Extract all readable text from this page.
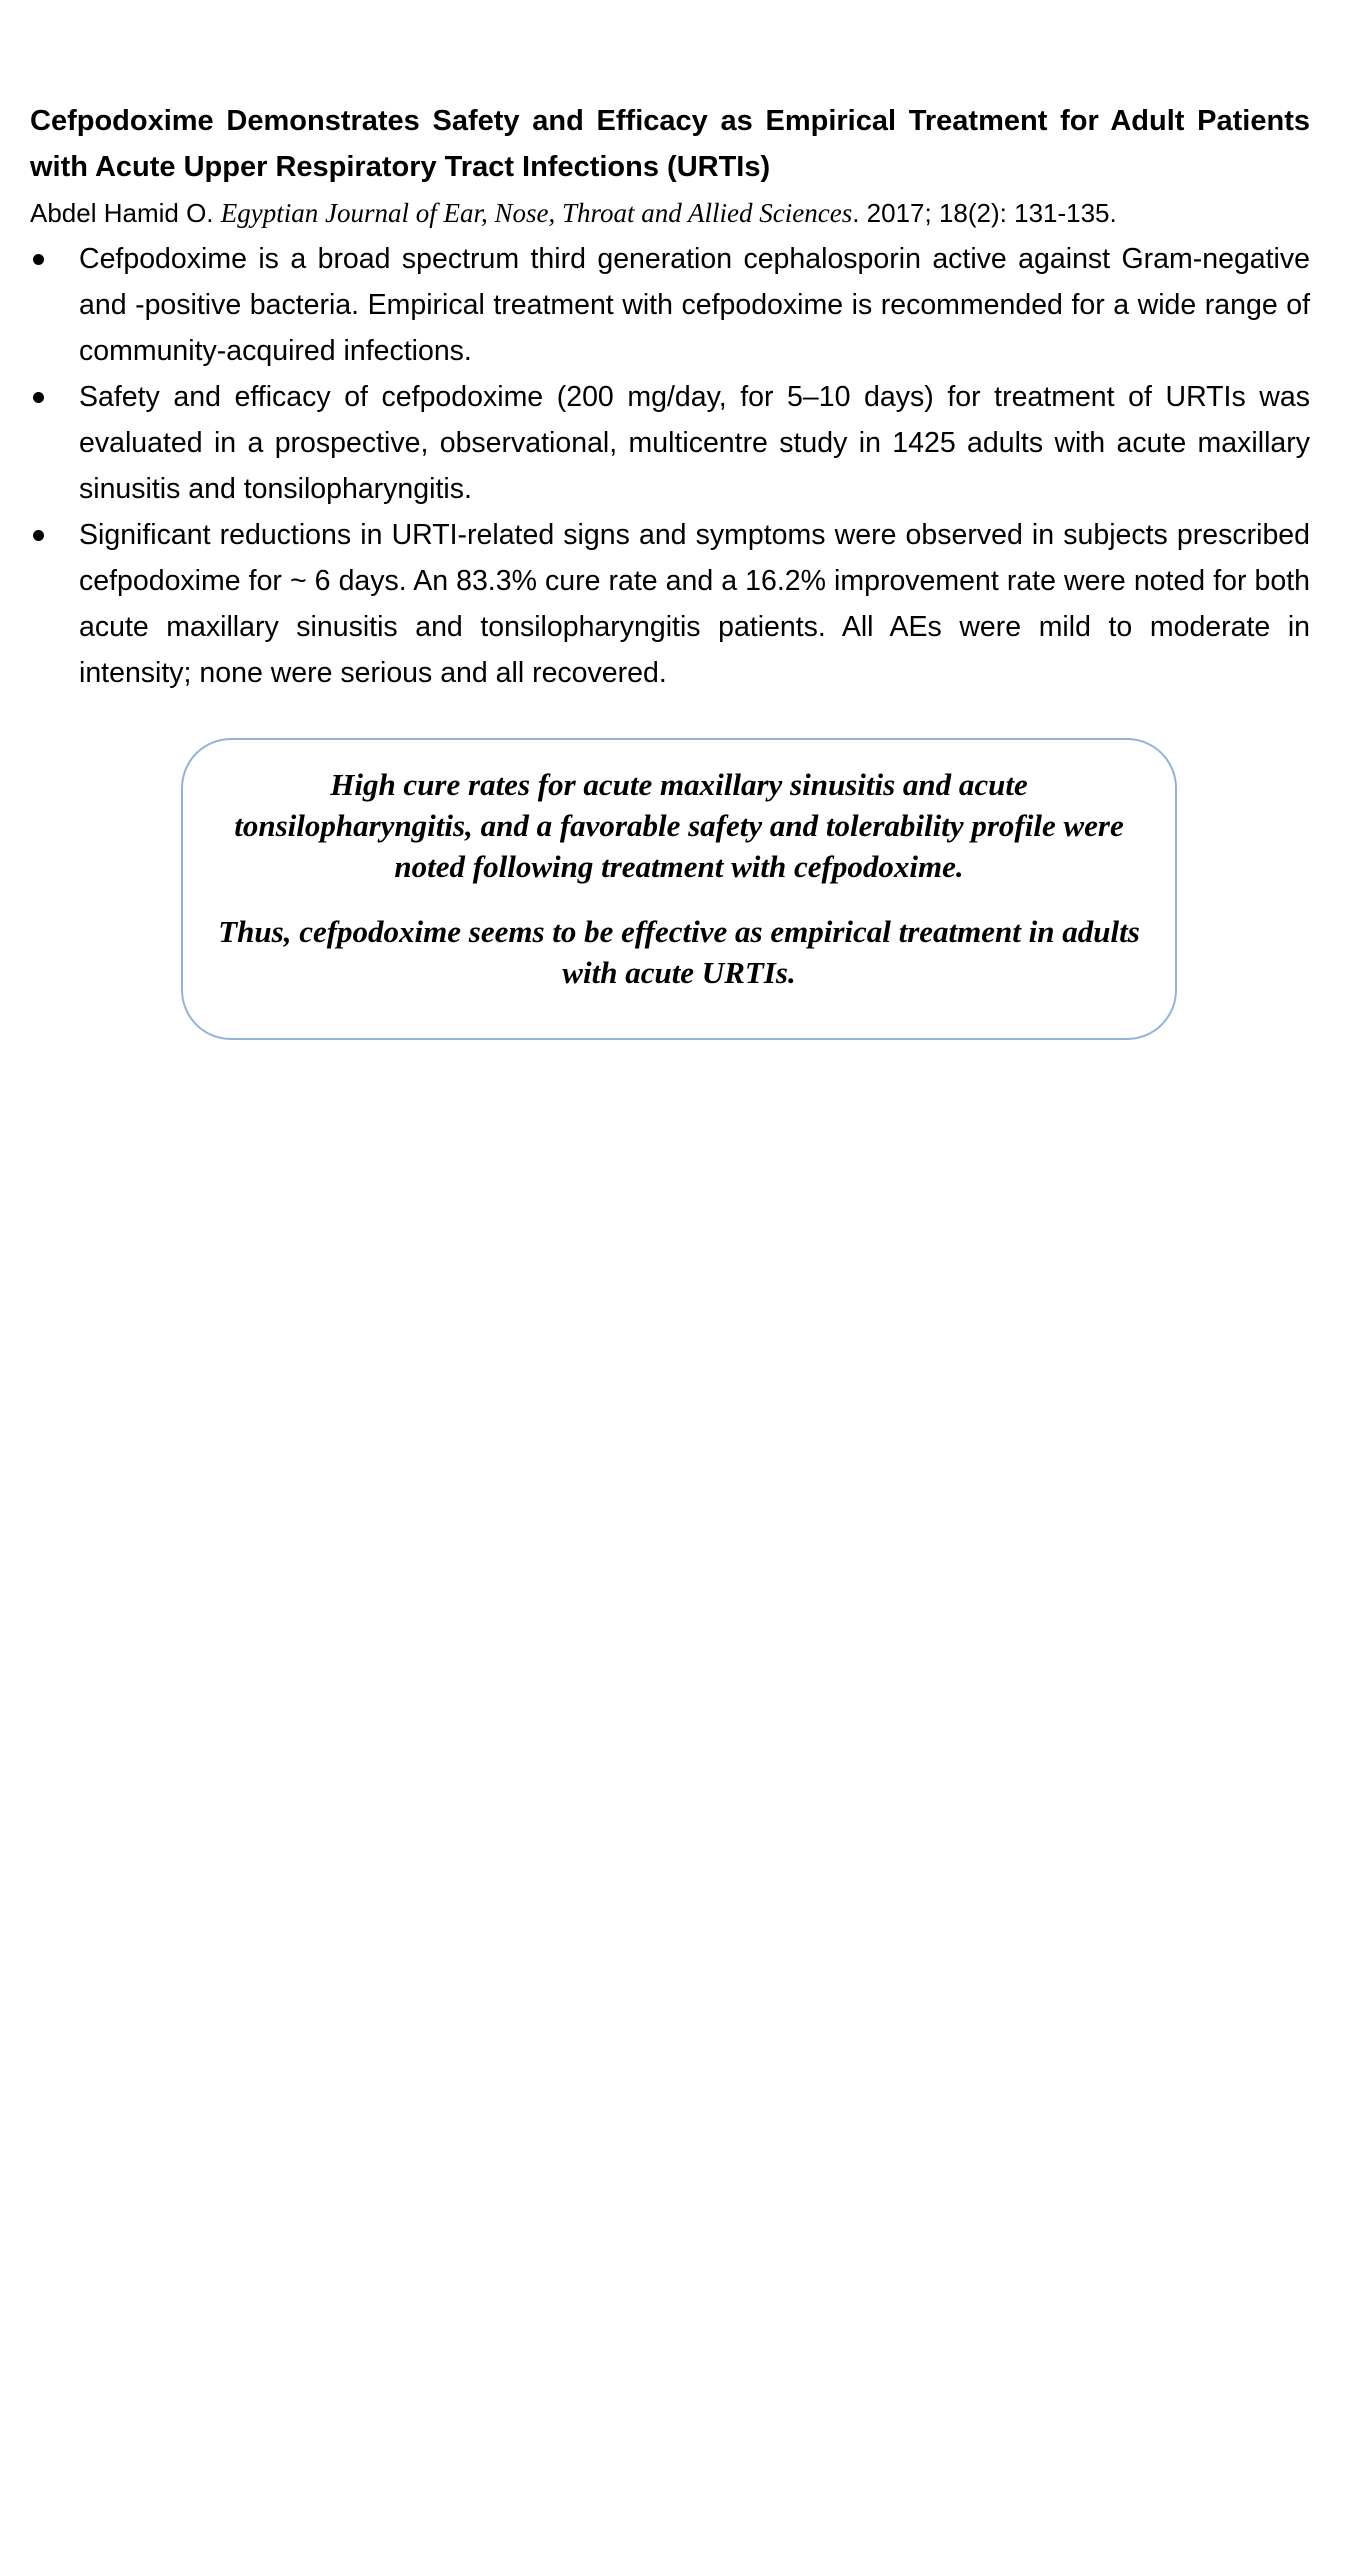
Cefpodoxime Demonstrates Safety and Efficacy as Empirical Treatment for Adult Patients with Acute Upper Respiratory Tract Infections (URTIs)

Abdel Hamid O. Egyptian Journal of Ear, Nose, Throat and Allied Sciences. 2017; 18(2): 131-135.

Cefpodoxime is a broad spectrum third generation cephalosporin active against Gram-negative and -positive bacteria. Empirical treatment with cefpodoxime is recommended for a wide range of community-acquired infections.
Safety and efficacy of cefpodoxime (200 mg/day, for 5–10 days) for treatment of URTIs was evaluated in a prospective, observational, multicentre study in 1425 adults with acute maxillary sinusitis and tonsilopharyngitis.
Significant reductions in URTI-related signs and symptoms were observed in subjects prescribed cefpodoxime for ~ 6 days. An 83.3% cure rate and a 16.2% improvement rate were noted for both acute maxillary sinusitis and tonsilopharyngitis patients. All AEs were mild to moderate in intensity; none were serious and all recovered.

High cure rates for acute maxillary sinusitis and acute tonsilopharyngitis, and a favorable safety and tolerability profile were noted following treatment with cefpodoxime.

Thus, cefpodoxime seems to be effective as empirical treatment in adults with acute URTIs.
